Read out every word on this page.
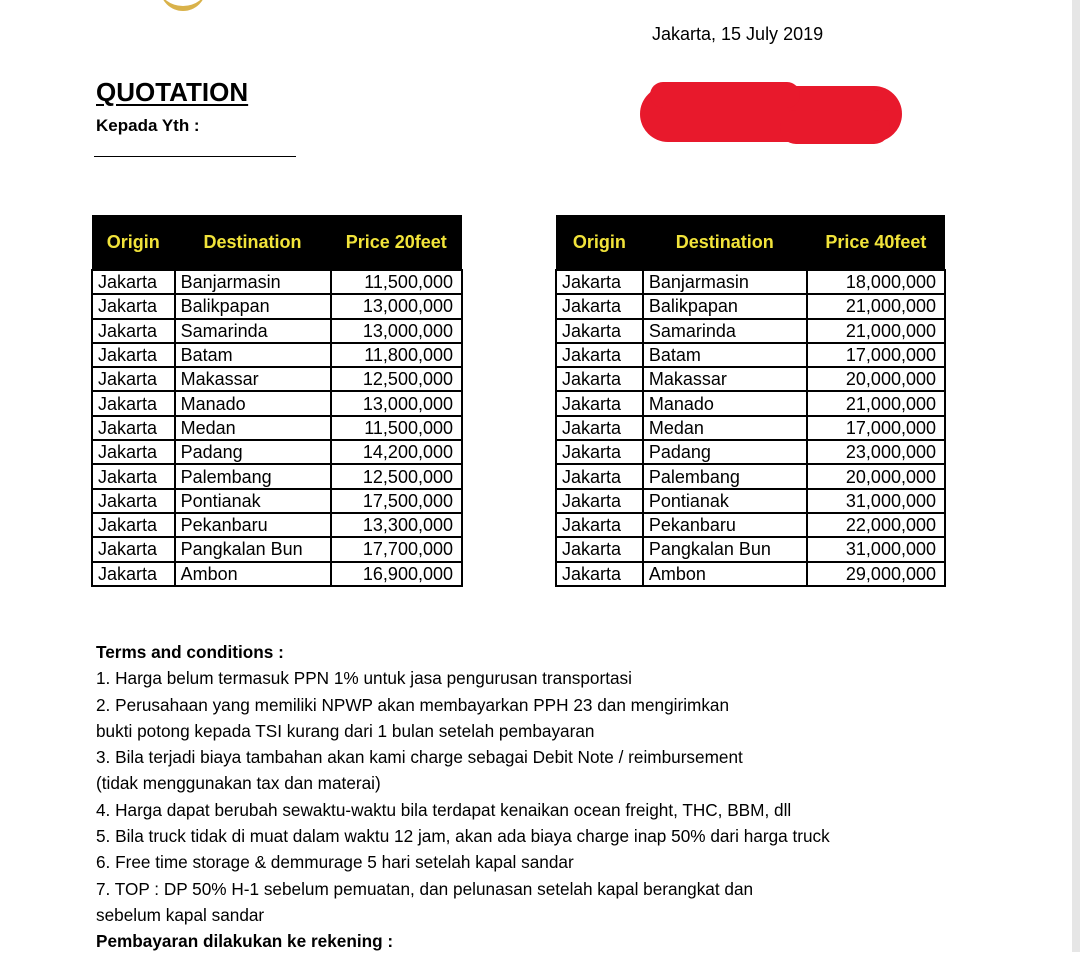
Jakarta, 15 July 2019
QUOTATION
Kepada Yth :
Origin	Destination	Price 20feet
Jakarta	Banjarmasin	11,500,000
Jakarta	Balikpapan	13,000,000
Jakarta	Samarinda	13,000,000
Jakarta	Batam	11,800,000
Jakarta	Makassar	12,500,000
Jakarta	Manado	13,000,000
Jakarta	Medan	11,500,000
Jakarta	Padang	14,200,000
Jakarta	Palembang	12,500,000
Jakarta	Pontianak	17,500,000
Jakarta	Pekanbaru	13,300,000
Jakarta	Pangkalan Bun	17,700,000
Jakarta	Ambon	16,900,000
Origin	Destination	Price 40feet
Jakarta	Banjarmasin	18,000,000
Jakarta	Balikpapan	21,000,000
Jakarta	Samarinda	21,000,000
Jakarta	Batam	17,000,000
Jakarta	Makassar	20,000,000
Jakarta	Manado	21,000,000
Jakarta	Medan	17,000,000
Jakarta	Padang	23,000,000
Jakarta	Palembang	20,000,000
Jakarta	Pontianak	31,000,000
Jakarta	Pekanbaru	22,000,000
Jakarta	Pangkalan Bun	31,000,000
Jakarta	Ambon	29,000,000
Terms and conditions :
1. Harga belum termasuk PPN 1% untuk jasa pengurusan transportasi
2. Perusahaan yang memiliki NPWP akan membayarkan PPH 23 dan mengirimkan
bukti potong kepada TSI kurang dari 1 bulan setelah pembayaran
3. Bila terjadi biaya tambahan akan kami charge sebagai Debit Note / reimbursement
(tidak menggunakan tax dan materai)
4. Harga dapat berubah sewaktu-waktu bila terdapat kenaikan ocean freight, THC, BBM, dll
5. Bila truck tidak di muat dalam waktu 12 jam, akan ada biaya charge inap 50% dari harga truck
6. Free time storage & demmurage 5 hari setelah kapal sandar
7. TOP : DP 50% H-1 sebelum pemuatan, dan pelunasan setelah kapal berangkat dan
sebelum kapal sandar
Pembayaran dilakukan ke rekening :
